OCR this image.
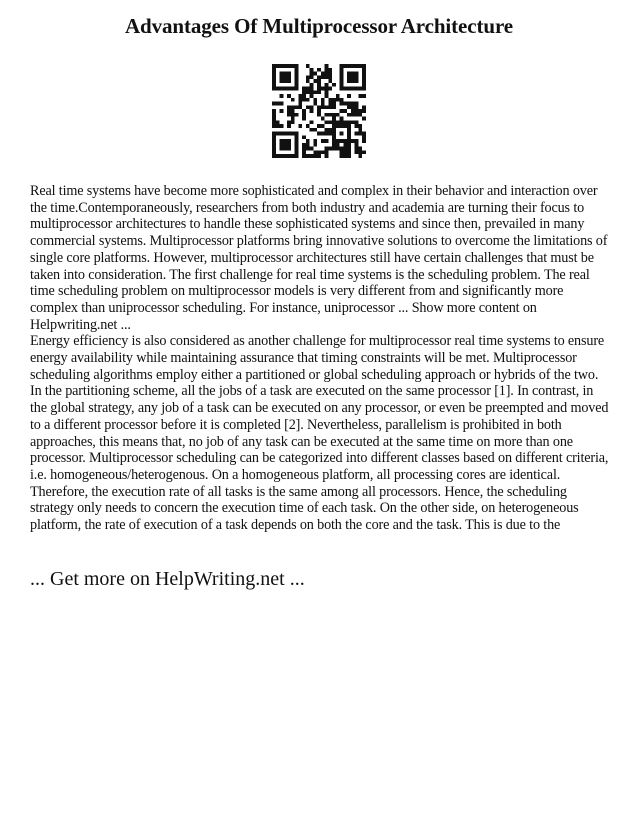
Advantages Of Multiprocessor Architecture

Real time systems have become more sophisticated and complex in their behavior and interaction over the time.Contemporaneously, researchers from both industry and academia are turning their focus to multiprocessor architectures to handle these sophisticated systems and since then, prevailed in many commercial systems. Multiprocessor platforms bring innovative solutions to overcome the limitations of single core platforms. However, multiprocessor architectures still have certain challenges that must be taken into consideration. The first challenge for real time systems is the scheduling problem. The real time scheduling problem on multiprocessor models is very different from and significantly more complex than uniprocessor scheduling. For instance, uniprocessor ... Show more content on Helpwriting.net ...

Energy efficiency is also considered as another challenge for multiprocessor real time systems to ensure energy availability while maintaining assurance that timing constraints will be met. Multiprocessor scheduling algorithms employ either a partitioned or global scheduling approach or hybrids of the two. In the partitioning scheme, all the jobs of a task are executed on the same processor [1]. In contrast, in the global strategy, any job of a task can be executed on any processor, or even be preempted and moved to a different processor before it is completed [2]. Nevertheless, parallelism is prohibited in both approaches, this means that, no job of any task can be executed at the same time on more than one processor. Multiprocessor scheduling can be categorized into different classes based on different criteria, i.e. homogeneous/heterogenous. On a homogeneous platform, all processing cores are identical. Therefore, the execution rate of all tasks is the same among all processors. Hence, the scheduling strategy only needs to concern the execution time of each task. On the other side, on heterogeneous platform, the rate of execution of a task depends on both the core and the task. This is due to the

... Get more on HelpWriting.net ...
